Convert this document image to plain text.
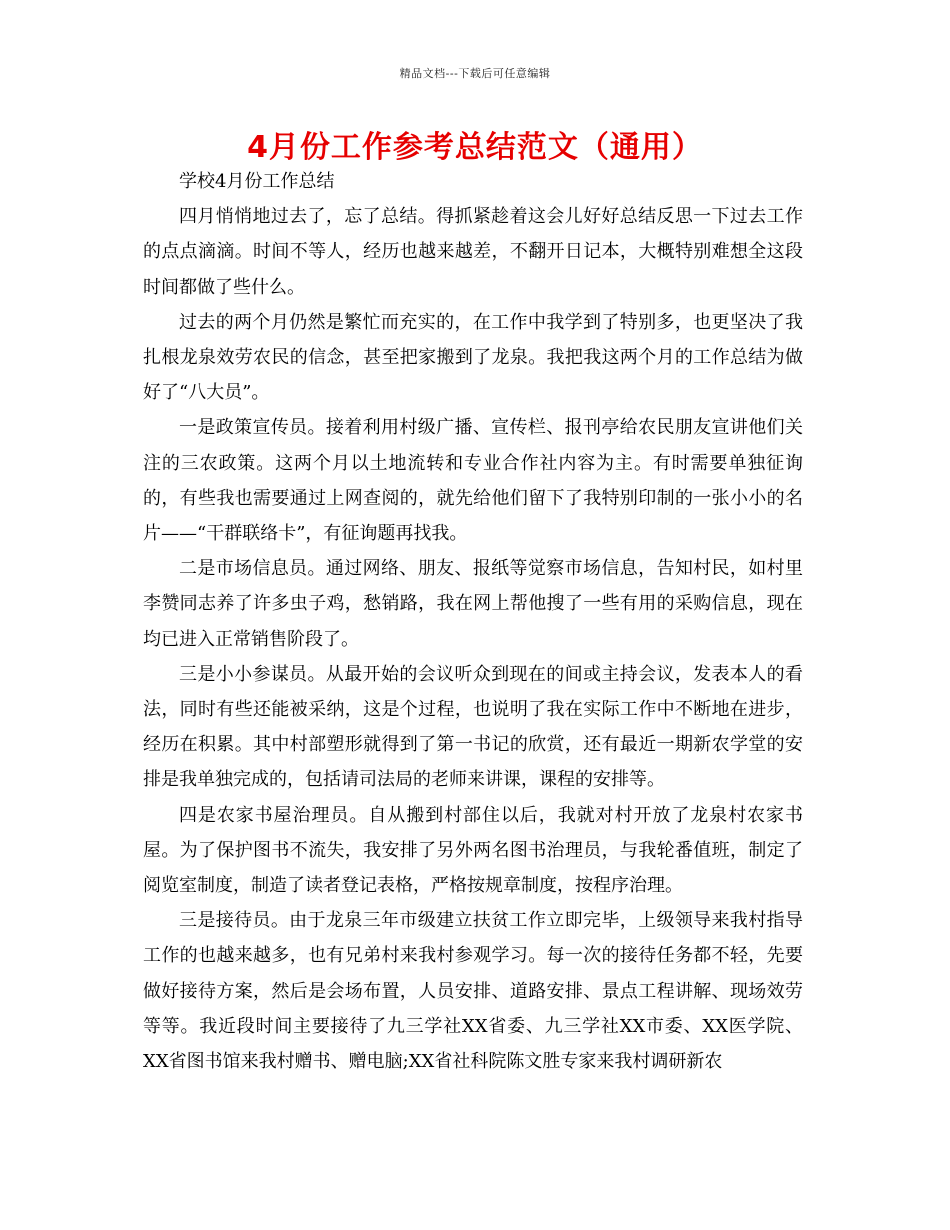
精品文档---下载后可任意编辑
4月份工作参考总结范文（通用）

学校4月份工作总结

四月悄悄地过去了，忘了总结。得抓紧趁着这会儿好好总结反思一下过去工作的点点滴滴。时间不等人，经历也越来越差，不翻开日记本，大概特别难想全这段时间都做了些什么。

过去的两个月仍然是繁忙而充实的，在工作中我学到了特别多，也更坚决了我扎根龙泉效劳农民的信念，甚至把家搬到了龙泉。我把我这两个月的工作总结为做好了“八大员”。

一是政策宣传员。接着利用村级广播、宣传栏、报刊亭给农民朋友宣讲他们关注的三农政策。这两个月以土地流转和专业合作社内容为主。有时需要单独征询的，有些我也需要通过上网查阅的，就先给他们留下了我特别印制的一张小小的名片——“干群联络卡”，有征询题再找我。

二是市场信息员。通过网络、朋友、报纸等觉察市场信息，告知村民，如村里李赞同志养了许多虫子鸡，愁销路，我在网上帮他搜了一些有用的采购信息，现在均已进入正常销售阶段了。

三是小小参谋员。从最开始的会议听众到现在的间或主持会议，发表本人的看法，同时有些还能被采纳，这是个过程，也说明了我在实际工作中不断地在进步，经历在积累。其中村部塑形就得到了第一书记的欣赏，还有最近一期新农学堂的安排是我单独完成的，包括请司法局的老师来讲课，课程的安排等。

四是农家书屋治理员。自从搬到村部住以后，我就对村开放了龙泉村农家书屋。为了保护图书不流失，我安排了另外两名图书治理员，与我轮番值班，制定了阅览室制度，制造了读者登记表格，严格按规章制度，按程序治理。

三是接待员。由于龙泉三年市级建立扶贫工作立即完毕，上级领导来我村指导工作的也越来越多，也有兄弟村来我村参观学习。每一次的接待任务都不轻，先要做好接待方案，然后是会场布置，人员安排、道路安排、景点工程讲解、现场效劳等等。我近段时间主要接待了九三学社XX省委、九三学社XX市委、XX医学院、XX省图书馆来我村赠书、赠电脑;XX省社科院陈文胜专家来我村调研新农
